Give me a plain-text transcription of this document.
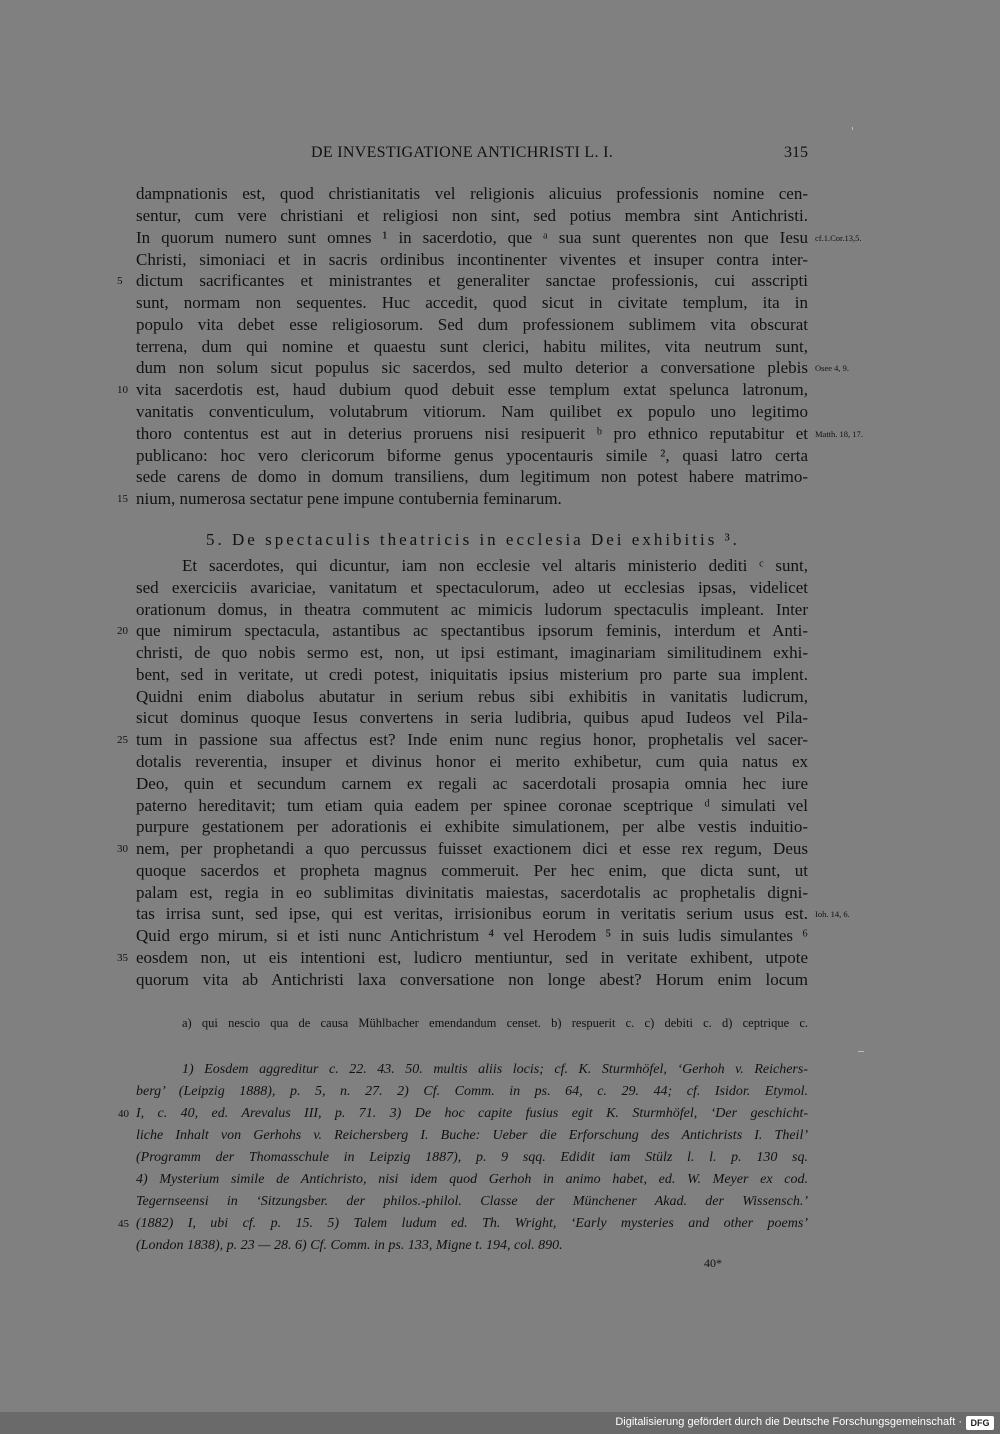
DE INVESTIGATIONE ANTICHRISTI L. I.	315
dampnationis est, quod christianitatis vel religionis alicuius professionis nomine cen-
sentur, cum vere christiani et religiosi non sint, sed potius membra sint Antichristi.
In quorum numero sunt omnes ¹ in sacerdotio, que ᵃ sua sunt querentes non que Iesu
Christi, simoniaci et in sacris ordinibus incontinenter viventes et insuper contra inter-
dictum sacrificantes et ministrantes et generaliter sanctae professionis, cui asscripti
sunt, normam non sequentes. Huc accedit, quod sicut in civitate templum, ita in
populo vita debet esse religiosorum. Sed dum professionem sublimem vita obscurat
terrena, dum qui nomine et quaestu sunt clerici, habitu milites, vita neutrum sunt,
dum non solum sicut populus sic sacerdos, sed multo deterior a conversatione plebis
vita sacerdotis est, haud dubium quod debuit esse templum extat spelunca latronum,
vanitatis conventiculum, volutabrum vitiorum. Nam quilibet ex populo uno legitimo
thoro contentus est aut in deterius proruens nisi resipuerit ᵇ pro ethnico reputabitur et
publicano: hoc vero clericorum biforme genus ypocentauris simile ², quasi latro certa
sede carens de domo in domum transiliens, dum legitimum non potest habere matrimo-
nium, numerosa sectatur pene impune contubernia feminarum.
5. De spectaculis theatricis in ecclesia Dei exhibitis ³.
Et sacerdotes, qui dicuntur, iam non ecclesie vel altaris ministerio dediti ᶜ sunt,
sed exerciciis avariciae, vanitatum et spectaculorum, adeo ut ecclesias ipsas, videlicet
orationum domus, in theatra commutent ac mimicis ludorum spectaculis impleant. Inter
que nimirum spectacula, astantibus ac spectantibus ipsorum feminis, interdum et Anti-
christi, de quo nobis sermo est, non, ut ipsi estimant, imaginariam similitudinem exhi-
bent, sed in veritate, ut credi potest, iniquitatis ipsius misterium pro parte sua implent.
Quidni enim diabolus abutatur in serium rebus sibi exhibitis in vanitatis ludicrum,
sicut dominus quoque Iesus convertens in seria ludibria, quibus apud Iudeos vel Pila-
tum in passione sua affectus est? Inde enim nunc regius honor, prophetalis vel sacer-
dotalis reverentia, insuper et divinus honor ei merito exhibetur, cum quia natus ex
Deo, quin et secundum carnem ex regali ac sacerdotali prosapia omnia hec iure
paterno hereditavit; tum etiam quia eadem per spinee coronae sceptrique ᵈ simulati vel
purpure gestationem per adorationis ei exhibite simulationem, per albe vestis induitio-
nem, per prophetandi a quo percussus fuisset exactionem dici et esse rex regum, Deus
quoque sacerdos et propheta magnus commeruit. Per hec enim, que dicta sunt, ut
palam est, regia in eo sublimitas divinitatis maiestas, sacerdotalis ac prophetalis digni-
tas irrisa sunt, sed ipse, qui est veritas, irrisionibus eorum in veritatis serium usus est.
Quid ergo mirum, si et isti nunc Antichristum ⁴ vel Herodem ⁵ in suis ludis simulantes ⁶
eosdem non, ut eis intentioni est, ludicro mentiuntur, sed in veritate exhibent, utpote
quorum vita ab Antichristi laxa conversatione non longe abest? Horum enim locum
5
10
15
20
25
30
35
cf.1.Cor.13,5.
Osee 4, 9.
Matth. 18, 17.
Ioh. 14, 6.
a) qui nescio qua de causa Mühlbacher emendandum censet. b) respuerit c. c) debiti c. d) ceptrique c.
1) Eosdem aggreditur c. 22. 43. 50. multis aliis locis; cf. K. Sturmhöfel, ‘Gerhoh v. Reichers-
berg’ (Leipzig 1888), p. 5, n. 27. 2) Cf. Comm. in ps. 64, c. 29. 44; cf. Isidor. Etymol.
I, c. 40, ed. Arevalus III, p. 71. 3) De hoc capite fusius egit K. Sturmhöfel, ‘Der geschicht-
liche Inhalt von Gerhohs v. Reichersberg I. Buche: Ueber die Erforschung des Antichrists I. Theil’
(Programm der Thomasschule in Leipzig 1887), p. 9 sqq. Edidit iam Stülz l. l. p. 130 sq.
4) Mysterium simile de Antichristo, nisi idem quod Gerhoh in animo habet, ed. W. Meyer ex cod.
Tegernseensi in ‘Sitzungsber. der philos.-philol. Classe der Münchener Akad. der Wissensch.’
(1882) I, ubi cf. p. 15. 5) Talem ludum ed. Th. Wright, ‘Early mysteries and other poems’
(London 1838), p. 23 — 28. 6) Cf. Comm. in ps. 133, Migne t. 194, col. 890.
40
45
40*
Digitalisierung gefördert durch die Deutsche Forschungsgemeinschaft · DFG
